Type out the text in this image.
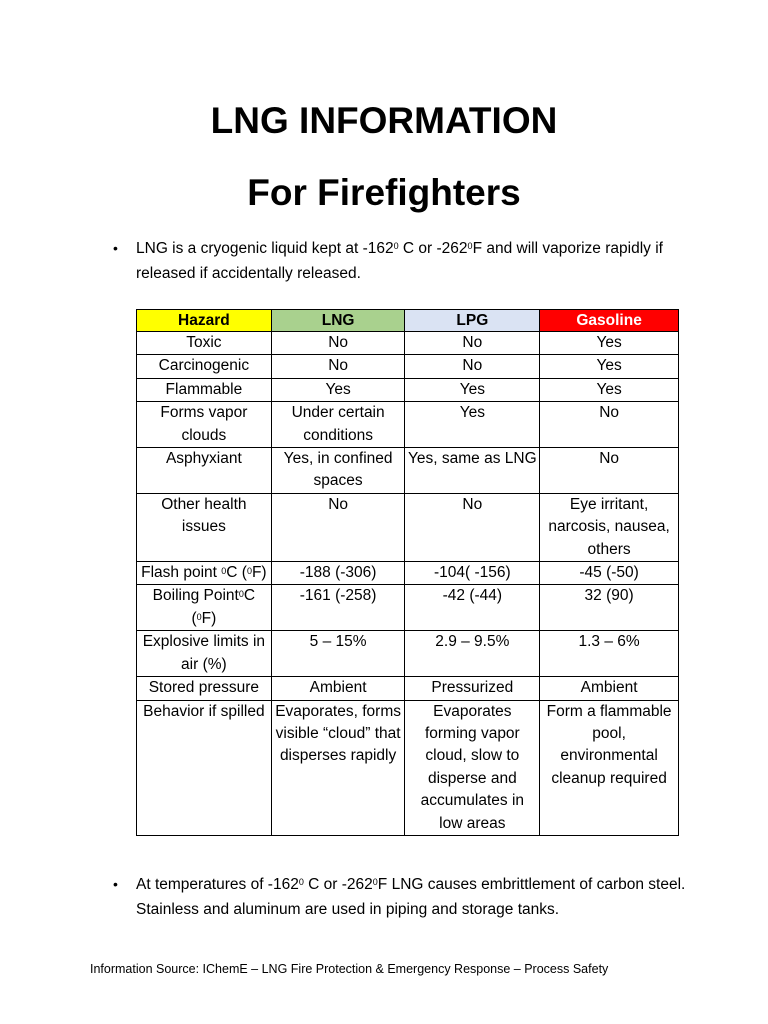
LNG INFORMATION
For Firefighters
• LNG is a cryogenic liquid kept at $-162^0$ C or $-262^0F$ and will vaporize rapidly if released if accidentally released.
Hazard	LNG	LPG	Gasoline
Toxic	No	No	Yes
Carcinogenic	No	No	Yes
Flammable	Yes	Yes	Yes
Forms vapor clouds	Under certain conditions	Yes	No
Asphyxiant	Yes, in confined spaces	Yes, same as LNG	No
Other health issues	No	No	Eye irritant, narcosis, nausea, others
Flash point $^0$C ($^0$F)	-188 (-306)	-104( -156)	-45 (-50)
Boiling Point$^0$C ($^0$F)	-161 (-258)	-42 (-44)	32 (90)
Explosive limits in air (%)	5 – 15%	2.9 – 9.5%	1.3 – 6%
Stored pressure	Ambient	Pressurized	Ambient
Behavior if spilled	Evaporates, forms visible “cloud” that disperses rapidly	Evaporates forming vapor cloud, slow to disperse and accumulates in low areas	Form a flammable pool, environmental cleanup required
• At temperatures of $-162^0$ C or $-262^0F$ LNG causes embrittlement of carbon steel. Stainless and aluminum are used in piping and storage tanks.
Information Source: IChemE – LNG Fire Protection & Emergency Response – Process Safety
